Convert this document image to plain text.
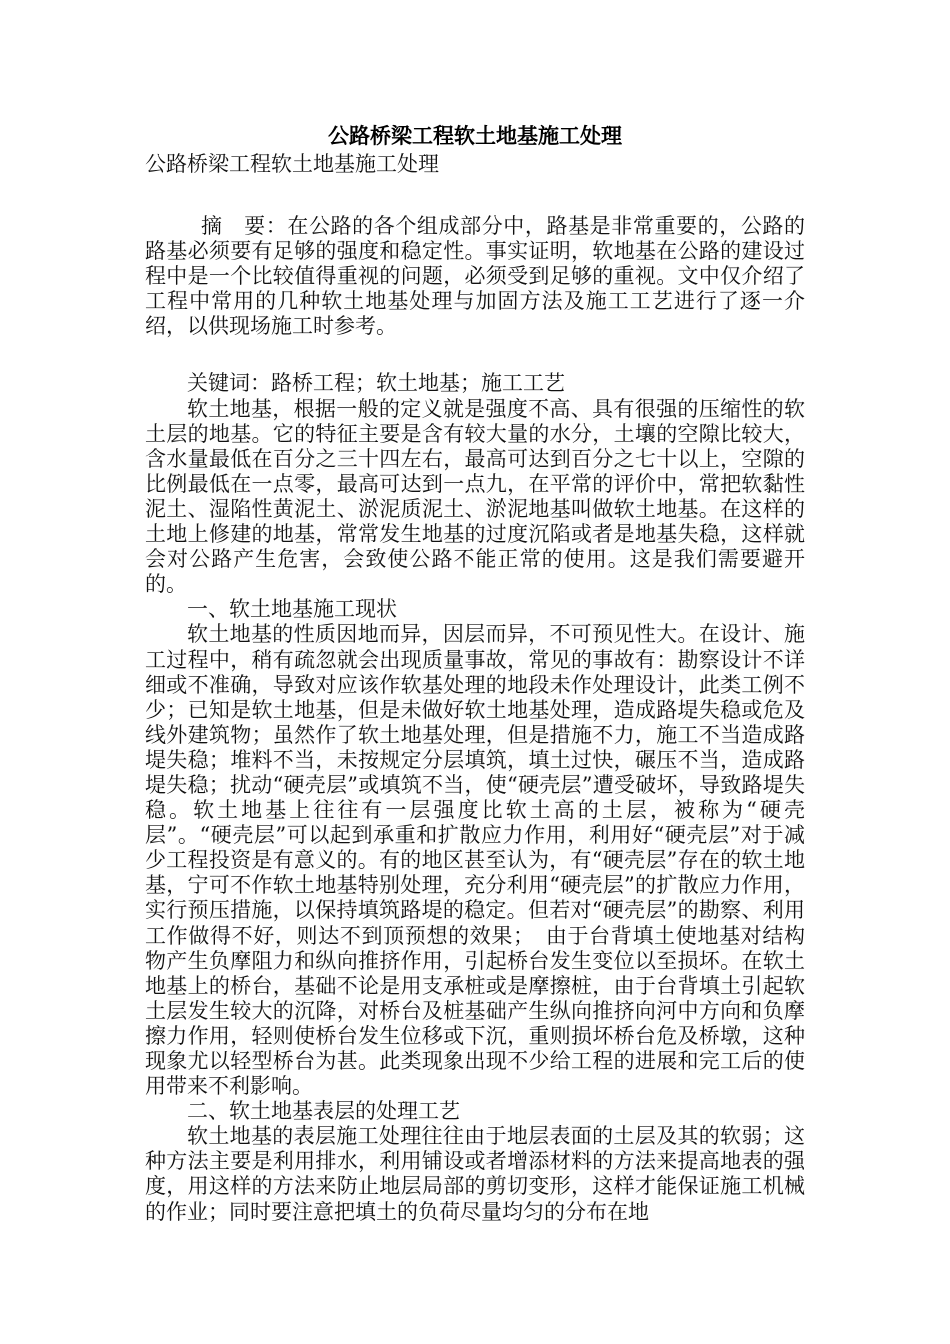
公路桥梁工程软土地基施工处理
公路桥梁工程软土地基施工处理

摘　要：在公路的各个组成部分中，路基是非常重要的，公路的路基必须要有足够的强度和稳定性。事实证明，软地基在公路的建设过程中是一个比较值得重视的问题，必须受到足够的重视。文中仅介绍了工程中常用的几种软土地基处理与加固方法及施工工艺进行了逐一介绍，以供现场施工时参考。

关键词：路桥工程；软土地基；施工工艺

软土地基，根据一般的定义就是强度不高、具有很强的压缩性的软土层的地基。它的特征主要是含有较大量的水分，土壤的空隙比较大，含水量最低在百分之三十四左右，最高可达到百分之七十以上，空隙的比例最低在一点零，最高可达到一点九，在平常的评价中，常把软黏性泥土、湿陷性黄泥土、淤泥质泥土、淤泥地基叫做软土地基。在这样的土地上修建的地基，常常发生地基的过度沉陷或者是地基失稳，这样就会对公路产生危害，会致使公路不能正常的使用。这是我们需要避开的。

一、软土地基施工现状

软土地基的性质因地而异，因层而异，不可预见性大。在设计、施工过程中，稍有疏忽就会出现质量事故，常见的事故有：勘察设计不详细或不准确，导致对应该作软基处理的地段未作处理设计，此类工例不少；已知是软土地基，但是未做好软土地基处理，造成路堤失稳或危及线外建筑物；虽然作了软土地基处理，但是措施不力，施工不当造成路堤失稳；堆料不当，未按规定分层填筑，填土过快，碾压不当，造成路堤失稳；扰动“硬壳层”或填筑不当，使“硬壳层”遭受破坏，导致路堤失稳。软土地基上往往有一层强度比软土高的土层，被称为“硬壳层”。“硬壳层”可以起到承重和扩散应力作用，利用好“硬壳层”对于减少工程投资是有意义的。有的地区甚至认为，有“硬壳层”存在的软土地基，宁可不作软土地基特别处理，充分利用“硬壳层”的扩散应力作用，实行预压措施，以保持填筑路堤的稳定。但若对“硬壳层”的勘察、利用工作做得不好，则达不到顶预想的效果；　由于台背填土使地基对结构物产生负摩阻力和纵向推挤作用，引起桥台发生变位以至损坏。在软土地基上的桥台，基础不论是用支承桩或是摩擦桩，由于台背填土引起软土层发生较大的沉降，对桥台及桩基础产生纵向推挤向河中方向和负摩擦力作用，轻则使桥台发生位移或下沉，重则损坏桥台危及桥墩，这种现象尤以轻型桥台为甚。此类现象出现不少给工程的进展和完工后的使用带来不利影响。

二、软土地基表层的处理工艺

软土地基的表层施工处理往往由于地层表面的土层及其的软弱；这种方法主要是利用排水，利用铺设或者增添材料的方法来提高地表的强度，用这样的方法来防止地层局部的剪切变形，这样才能保证施工机械的作业；同时要注意把填土的负荷尽量均匀的分布在地
